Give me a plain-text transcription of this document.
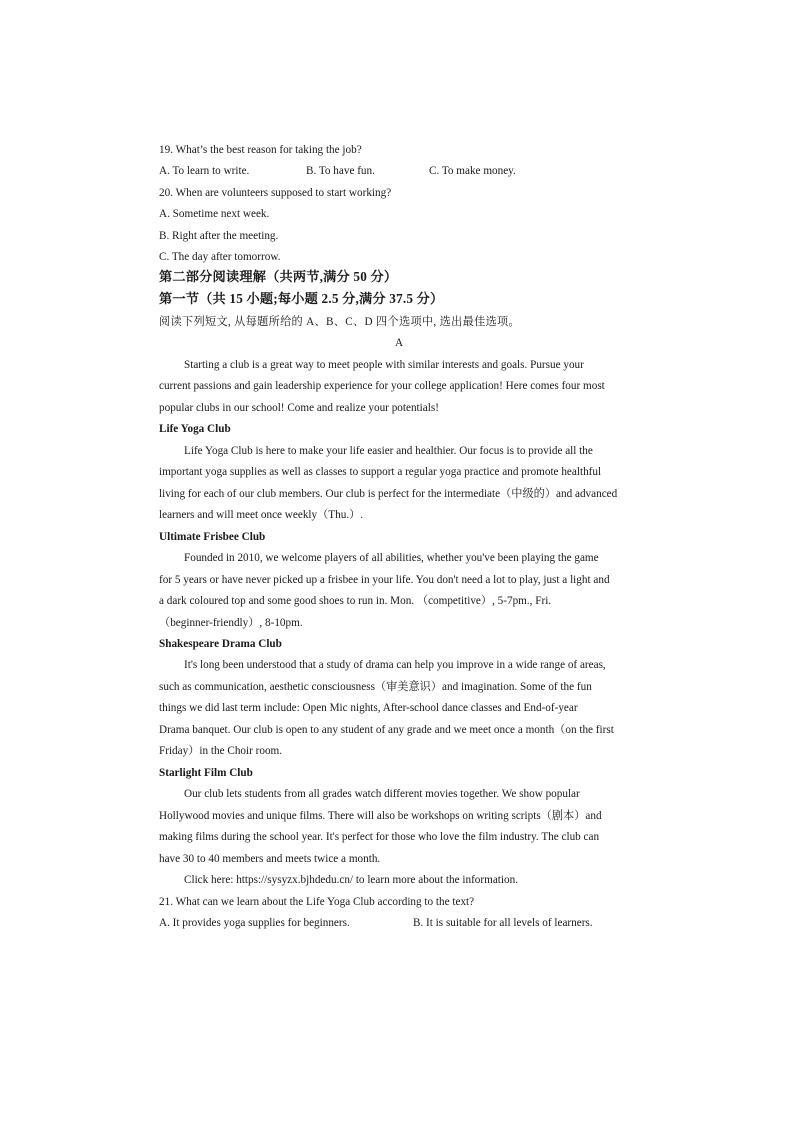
19. What’s the best reason for taking the job?
A. To learn to write.	B. To have fun.	C. To make money.
20. When are volunteers supposed to start working?
A. Sometime next week.
B. Right after the meeting.
C. The day after tomorrow.
第二部分阅读理解（共两节,满分 50 分）
第一节（共 15 小题;每小题 2.5 分,满分 37.5 分）
阅读下列短文, 从每题所给的 A、B、C、D 四个选项中, 选出最佳选项。
A
Starting a club is a great way to meet people with similar interests and goals. Pursue your
current passions and gain leadership experience for your college application! Here comes four most
popular clubs in our school! Come and realize your potentials!
Life Yoga Club
Life Yoga Club is here to make your life easier and healthier. Our focus is to provide all the
important yoga supplies as well as classes to support a regular yoga practice and promote healthful
living for each of our club members. Our club is perfect for the intermediate（中级的）and advanced
learners and will meet once weekly（Thu.）.
Ultimate Frisbee Club
Founded in 2010, we welcome players of all abilities, whether you've been playing the game
for 5 years or have never picked up a frisbee in your life. You don't need a lot to play, just a light and
a dark coloured top and some good shoes to run in. Mon. （competitive）, 5-7pm., Fri.
（beginner-friendly）, 8-10pm.
Shakespeare Drama Club
It's long been understood that a study of drama can help you improve in a wide range of areas,
such as communication, aesthetic consciousness（审美意识）and imagination. Some of the fun
things we did last term include: Open Mic nights, After-school dance classes and End-of-year
Drama banquet. Our club is open to any student of any grade and we meet once a month（on the first
Friday）in the Choir room.
Starlight Film Club
Our club lets students from all grades watch different movies together. We show popular
Hollywood movies and unique films. There will also be workshops on writing scripts（剧本）and
making films during the school year. It's perfect for those who love the film industry. The club can
have 30 to 40 members and meets twice a month.
Click here: https://sysyzx.bjhdedu.cn/ to learn more about the information.
21. What can we learn about the Life Yoga Club according to the text?
A. It provides yoga supplies for beginners.	B. It is suitable for all levels of learners.
